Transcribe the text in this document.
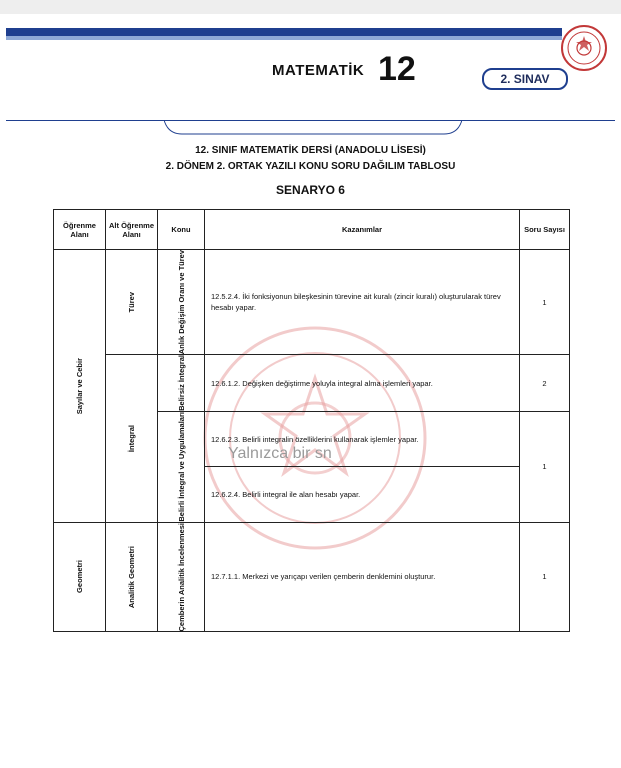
MATEMATİK 12	2. SINAV
12. SINIF MATEMATİK DERSİ (ANADOLU LİSESİ)
2. DÖNEM 2. ORTAK YAZILI KONU SORU DAĞILIM TABLOSU
SENARYO 6
Yalnızca bir sn
Öğrenme Alanı	Alt Öğrenme Alanı	Konu	Kazanımlar	Soru Sayısı

Sayılar ve Cebir	Türev	Anlık Değişim Oranı ve Türev	12.5.2.4. İki fonksiyonun bileşkesinin türevine ait kuralı (zincir kuralı) oluşturularak türev hesabı yapar.	1

	İntegral	Belirsiz İntegral	12.6.1.2. Değişken değiştirme yoluyla integral alma işlemleri yapar.	2

		Belirli İntegral ve Uygulamaları	12.6.2.3. Belirli integralin özelliklerini kullanarak işlemler yapar.	1
			12.6.2.4. Belirli integral ile alan hesabı yapar.	

Geometri	Analitik Geometri	Çemberin Analitik İncelenmesi	12.7.1.1. Merkezi ve yarıçapı verilen çemberin denklemini oluşturur.	1
